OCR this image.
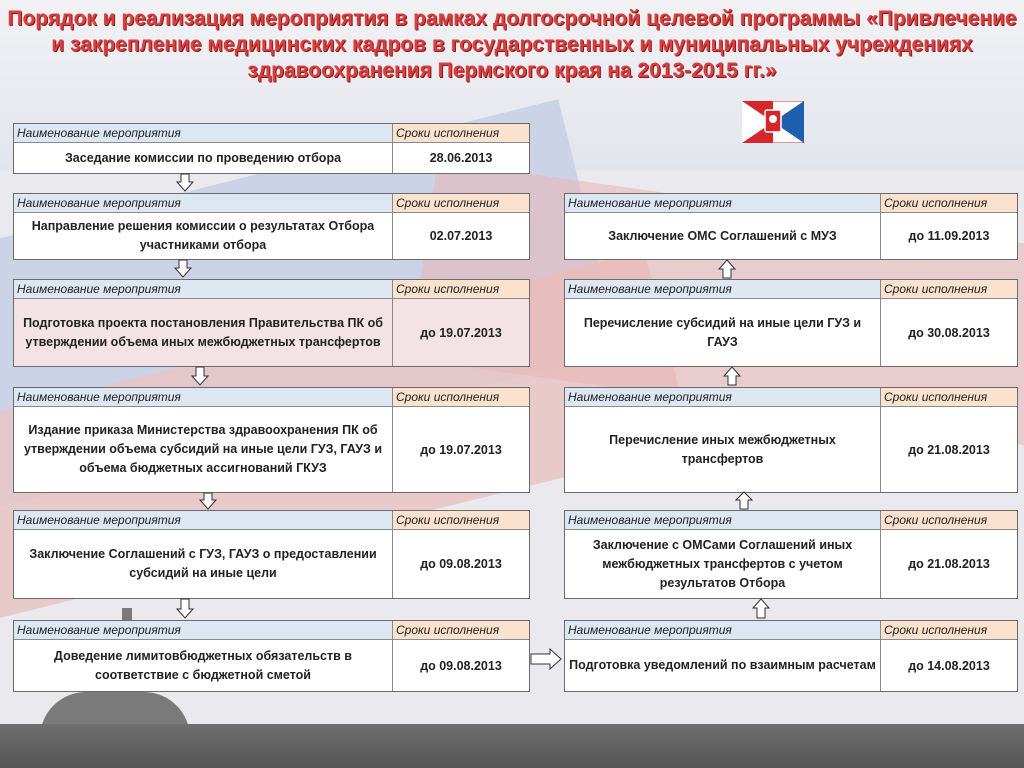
Порядок и реализация мероприятия в рамках долгосрочной целевой программы «Привлечение и закрепление медицинских кадров в государственных и муниципальных учреждениях здравоохранения Пермского края на 2013-2015 гг.»
Наименование мероприятия	Сроки исполнения
Заседание комиссии по проведению отбора	28.06.2013
Наименование мероприятия	Сроки исполнения
Направление решения комиссии о результатах Отбора участниками отбора
02.07.2013
Наименование мероприятия	Сроки исполнения
Подготовка проекта постановления Правительства ПК об утверждении объема иных межбюджетных трансфертов
до 19.07.2013
Наименование мероприятия	Сроки исполнения
Издание приказа Министерства здравоохранения ПК об утверждении объема субсидий на иные цели ГУЗ, ГАУЗ и объема бюджетных ассигнований ГКУЗ
до 19.07.2013
Наименование мероприятия	Сроки исполнения
Заключение Соглашений с ГУЗ, ГАУЗ о предоставлении субсидий на иные цели
до 09.08.2013
Наименование мероприятия	Сроки исполнения
Доведение лимитовбюджетных обязательств в соответствие с бюджетной сметой
до 09.08.2013
Наименование мероприятия	Сроки исполнения
Заключение ОМС Соглашений с МУЗ	до 11.09.2013
Наименование мероприятия	Сроки исполнения
Перечисление субсидий на иные цели ГУЗ и ГАУЗ
до 30.08.2013
Наименование мероприятия	Сроки исполнения
Перечисление иных межбюджетных трансфертов
до 21.08.2013
Наименование мероприятия	Сроки исполнения
Заключение с ОМСами Соглашений иных межбюджетных трансфертов с учетом результатов Отбора
до 21.08.2013
Наименование мероприятия	Сроки исполнения
Подготовка уведомлений по взаимным расчетам	до 14.08.2013
